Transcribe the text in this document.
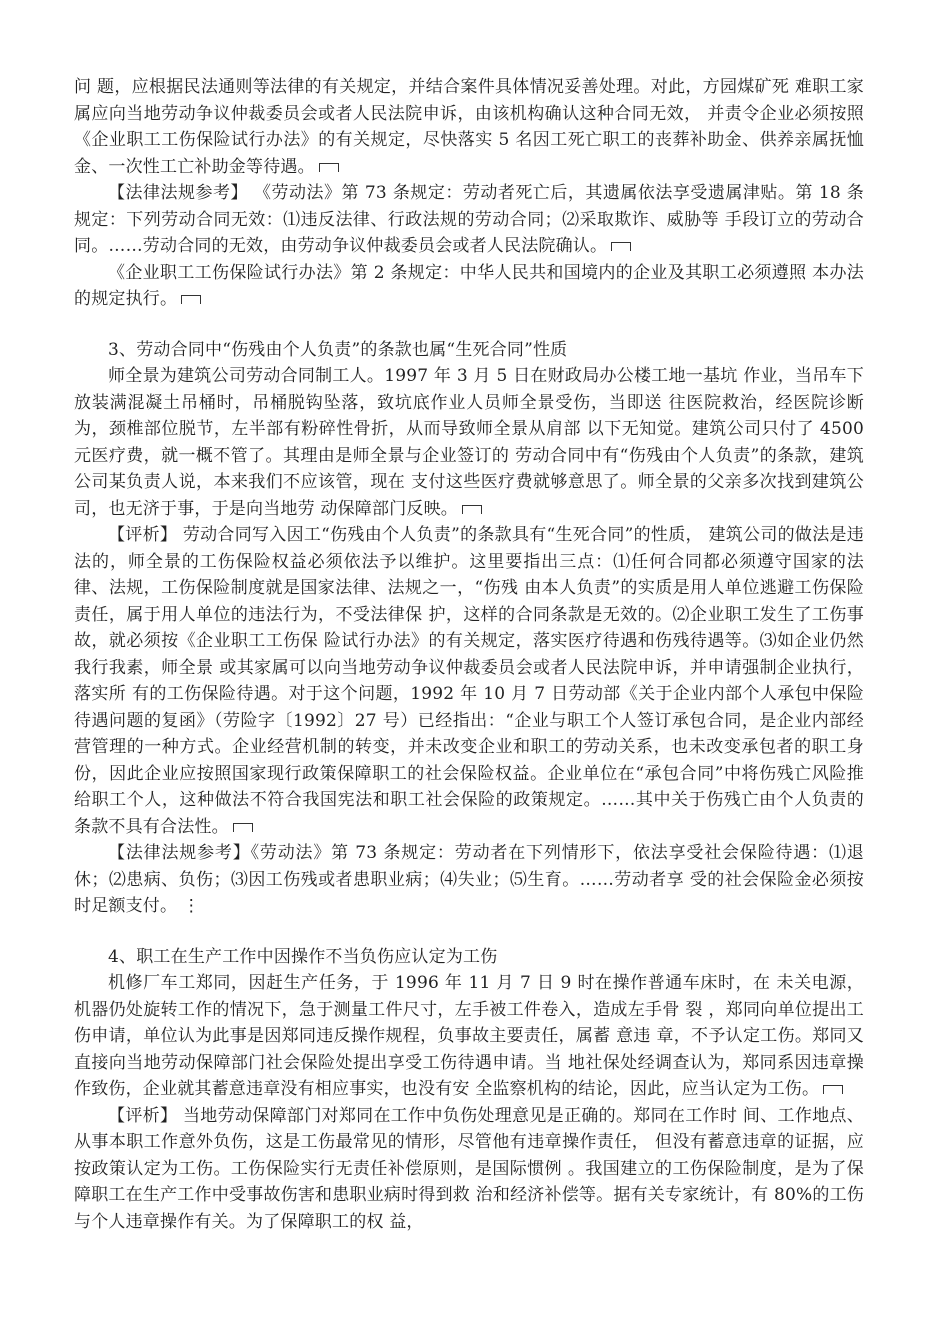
问 题，应根据民法通则等法律的有关规定，并结合案件具体情况妥善处理。对此，方园煤矿死 难职工家属应向当地劳动争议仲裁委员会或者人民法院申诉，由该机构确认这种合同无效， 并责令企业必须按照《企业职工工伤保险试行办法》的有关规定，尽快落实 5 名因工死亡职工的丧葬补助金、供养亲属抚恤金、一次性工亡补助金等待遇。

【法律法规参考】 《劳动法》第 73 条规定：劳动者死亡后，其遗属依法享受遗属津贴。第 18 条规定：下列劳动合同无效：⑴违反法律、行政法规的劳动合同；⑵采取欺诈、威胁等 手段订立的劳动合同。……劳动合同的无效，由劳动争议仲裁委员会或者人民法院确认。

《企业职工工伤保险试行办法》第 2 条规定：中华人民共和国境内的企业及其职工必须遵照 本办法的规定执行。

3、劳动合同中“伤残由个人负责”的条款也属“生死合同”性质

师全景为建筑公司劳动合同制工人。1997 年 3 月 5 日在财政局办公楼工地一基坑 作业，当吊车下放装满混凝土吊桶时，吊桶脱钩坠落，致坑底作业人员师全景受伤，当即送 往医院救治，经医院诊断为，颈椎部位脱节，左半部有粉碎性骨折，从而导致师全景从肩部 以下无知觉。建筑公司只付了 4500 元医疗费，就一概不管了。其理由是师全景与企业签订的 劳动合同中有“伤残由个人负责”的条款，建筑公司某负责人说，本来我们不应该管，现在 支付这些医疗费就够意思了。师全景的父亲多次找到建筑公司，也无济于事，于是向当地劳 动保障部门反映。

【评析】 劳动合同写入因工“伤残由个人负责”的条款具有“生死合同”的性质， 建筑公司的做法是违法的，师全景的工伤保险权益必须依法予以维护。这里要指出三点：⑴任何合同都必须遵守国家的法律、法规，工伤保险制度就是国家法律、法规之一，“伤残 由本人负责”的实质是用人单位逃避工伤保险责任，属于用人单位的违法行为，不受法律保 护，这样的合同条款是无效的。⑵企业职工发生了工伤事故，就必须按《企业职工工伤保 险试行办法》的有关规定，落实医疗待遇和伤残待遇等。⑶如企业仍然我行我素，师全景 或其家属可以向当地劳动争议仲裁委员会或者人民法院申诉，并申请强制企业执行，落实所 有的工伤保险待遇。对于这个问题，1992 年 10 月 7 日劳动部《关于企业内部个人承包中保险 待遇问题的复函》（劳险字〔1992〕27 号）已经指出：“企业与职工个人签订承包合同，是企业内部经营管理的一种方式。企业经营机制的转变，并未改变企业和职工的劳动关系，也未改变承包者的职工身份，因此企业应按照国家现行政策保障职工的社会保险权益。企业单位在“承包合同”中将伤残亡风险推给职工个人，这种做法不符合我国宪法和职工社会保险的政策规定。……其中关于伤残亡由个人负责的条款不具有合法性。

【法律法规参考】《劳动法》第 73 条规定：劳动者在下列情形下，依法享受社会保险待遇：⑴退休；⑵患病、负伤；⑶因工伤残或者患职业病；⑷失业；⑸生育。……劳动者享 受的社会保险金必须按时足额支付。 ⋮

4、职工在生产工作中因操作不当负伤应认定为工伤

机修厂车工郑同，因赶生产任务，于 1996 年 11 月 7 日 9 时在操作普通车床时，在 未关电源，机器仍处旋转工作的情况下，急于测量工件尺寸，左手被工件卷入，造成左手骨 裂 ，郑同向单位提出工伤申请，单位认为此事是因郑同违反操作规程，负事故主要责任，属蓄 意违 章，不予认定工伤。郑同又直接向当地劳动保障部门社会保险处提出享受工伤待遇申请。当 地社保处经调查认为，郑同系因违章操作致伤，企业就其蓄意违章没有相应事实，也没有安 全监察机构的结论，因此，应当认定为工伤。

【评析】 当地劳动保障部门对郑同在工作中负伤处理意见是正确的。郑同在工作时 间、工作地点、从事本职工作意外负伤，这是工伤最常见的情形，尽管他有违章操作责任， 但没有蓄意违章的证据，应按政策认定为工伤。工伤保险实行无责任补偿原则，是国际惯例 。我国建立的工伤保险制度，是为了保障职工在生产工作中受事故伤害和患职业病时得到救 治和经济补偿等。据有关专家统计，有 80%的工伤与个人违章操作有关。为了保障职工的权 益，
